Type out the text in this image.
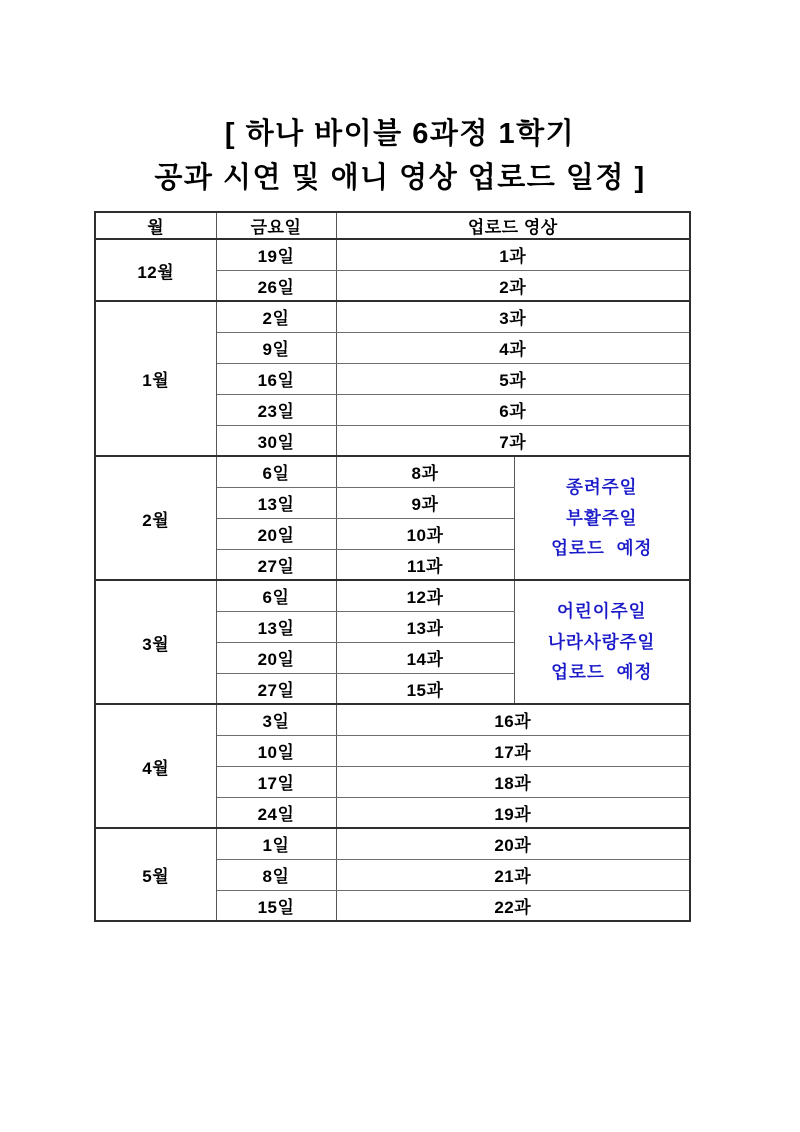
[ 하나 바이블 6과정 1학기
공과 시연 및 애니 영상 업로드 일정 ]
월	금요일	업로드 영상	
12월	19일	1과	
	26일	2과	
1월	2일	3과	
	9일	4과	
	16일	5과	
	23일	6과	
	30일	7과	
2월	6일	8과	종려주일
부활주일
업로드  예정

	13일	9과	
	20일	10과	
	27일	11과	
3월	6일	12과	어린이주일
나라사랑주일
업로드  예정

	13일	13과	
	20일	14과	
	27일	15과	
4월	3일	16과	
	10일	17과	
	17일	18과	
	24일	19과	
5월	1일	20과	
	8일	21과	
	15일	22과	
